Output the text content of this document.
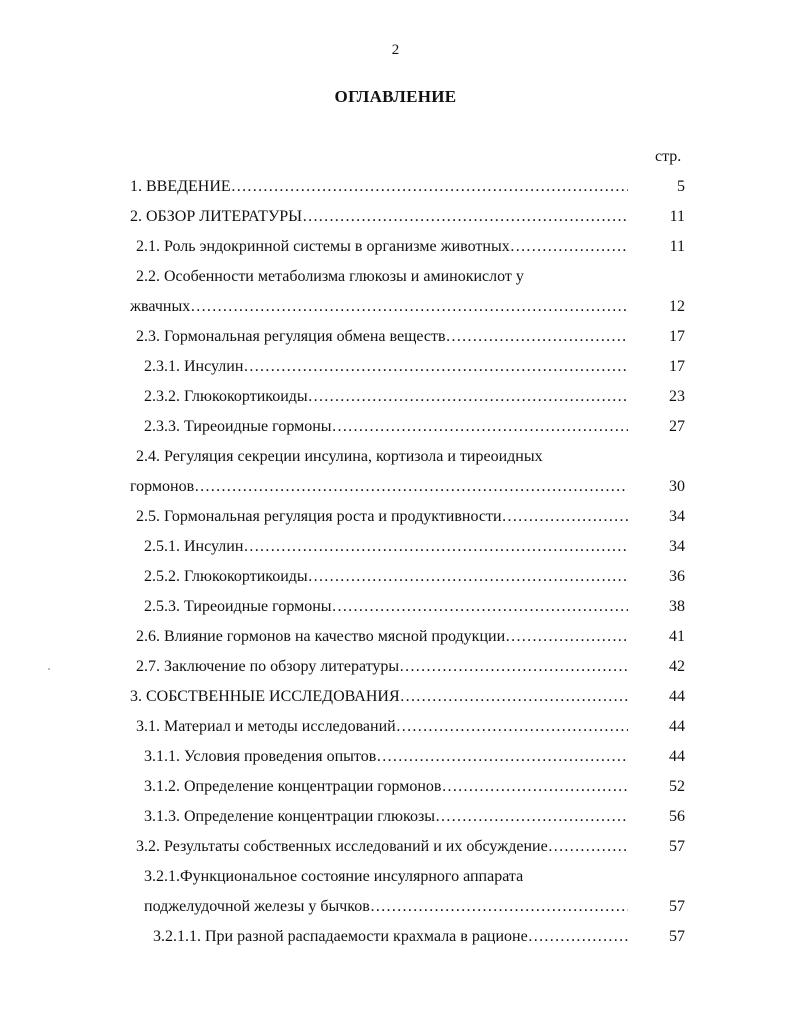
2
ОГЛАВЛЕНИЕ
стр.
1. ВВЕДЕНИЕ …………………………………………………………………………………………………………………………………………………………	5
2. ОБЗОР ЛИТЕРАТУРЫ …………………………………………………………………………………………………………………………………………………………	11
2.1. Роль эндокринной системы в организме животных …………………………………………………………………………………………………………………………………………………………	11
2.2. Особенности метаболизма глюкозы и аминокислот у
жвачных …………………………………………………………………………………………………………………………………………………………	12
2.3. Гормональная регуляция обмена веществ …………………………………………………………………………………………………………………………………………………………	17
2.3.1. Инсулин …………………………………………………………………………………………………………………………………………………………	17
2.3.2. Глюкокортикоиды …………………………………………………………………………………………………………………………………………………………	23
2.3.3. Тиреоидные гормоны …………………………………………………………………………………………………………………………………………………………	27
2.4. Регуляция секреции инсулина, кортизола и тиреоидных
гормонов …………………………………………………………………………………………………………………………………………………………	30
2.5. Гормональная регуляция роста и продуктивности …………………………………………………………………………………………………………………………………………………………	34
2.5.1. Инсулин …………………………………………………………………………………………………………………………………………………………	34
2.5.2. Глюкокортикоиды …………………………………………………………………………………………………………………………………………………………	36
2.5.3. Тиреоидные гормоны …………………………………………………………………………………………………………………………………………………………	38
2.6. Влияние гормонов на качество мясной продукции …………………………………………………………………………………………………………………………………………………………	41
2.7. Заключение по обзору литературы …………………………………………………………………………………………………………………………………………………………	42
3. СОБСТВЕННЫЕ ИССЛЕДОВАНИЯ …………………………………………………………………………………………………………………………………………………………	44
3.1. Материал и методы исследований …………………………………………………………………………………………………………………………………………………………	44
3.1.1. Условия проведения опытов …………………………………………………………………………………………………………………………………………………………	44
3.1.2. Определение концентрации гормонов …………………………………………………………………………………………………………………………………………………………	52
3.1.3. Определение концентрации глюкозы …………………………………………………………………………………………………………………………………………………………	56
3.2. Результаты собственных исследований и их обсуждение …………………………………………………………………………………………………………………………………………………………	57
3.2.1.Функциональное состояние инсулярного аппарата
поджелудочной железы у бычков …………………………………………………………………………………………………………………………………………………………	57
3.2.1.1. При разной распадаемости крахмала в рационе …………………………………………………………………………………………………………………………………………………………	57
